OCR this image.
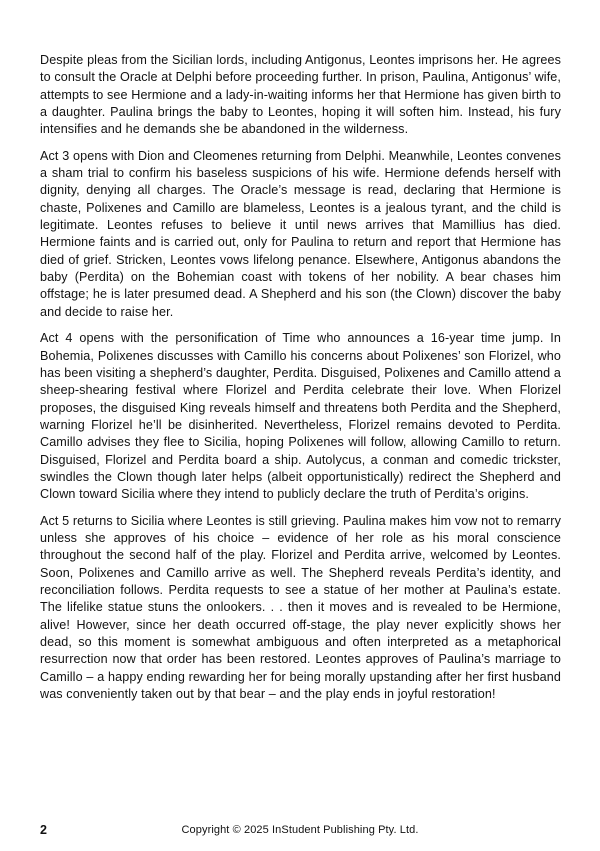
Despite pleas from the Sicilian lords, including Antigonus, Leontes imprisons her. He agrees to consult the Oracle at Delphi before proceeding further. In prison, Paulina, Antigonus’ wife, attempts to see Hermione and a lady-in-waiting informs her that Hermione has given birth to a daughter. Paulina brings the baby to Leontes, hoping it will soften him. Instead, his fury intensifies and he demands she be abandoned in the wilderness.

Act 3 opens with Dion and Cleomenes returning from Delphi. Meanwhile, Leontes convenes a sham trial to confirm his baseless suspicions of his wife. Hermione defends herself with dignity, denying all charges. The Oracle’s message is read, declaring that Hermione is chaste, Polixenes and Camillo are blameless, Leontes is a jealous tyrant, and the child is legitimate. Leontes refuses to believe it until news arrives that Mamillius has died. Hermione faints and is carried out, only for Paulina to return and report that Hermione has died of grief. Stricken, Leontes vows lifelong penance. Elsewhere, Antigonus abandons the baby (Perdita) on the Bohemian coast with tokens of her nobility. A bear chases him offstage; he is later presumed dead. A Shepherd and his son (the Clown) discover the baby and decide to raise her.

Act 4 opens with the personification of Time who announces a 16-year time jump. In Bohemia, Polixenes discusses with Camillo his concerns about Polixenes’ son Florizel, who has been visiting a shepherd’s daughter, Perdita. Disguised, Polixenes and Camillo attend a sheep-shearing festival where Florizel and Perdita celebrate their love. When Florizel proposes, the disguised King reveals himself and threatens both Perdita and the Shepherd, warning Florizel he’ll be disinherited. Nevertheless, Florizel remains devoted to Perdita. Camillo advises they flee to Sicilia, hoping Polixenes will follow, allowing Camillo to return. Disguised, Florizel and Perdita board a ship. Autolycus, a conman and comedic trickster, swindles the Clown though later helps (albeit opportunistically) redirect the Shepherd and Clown toward Sicilia where they intend to publicly declare the truth of Perdita’s origins.

Act 5 returns to Sicilia where Leontes is still grieving. Paulina makes him vow not to remarry unless she approves of his choice – evidence of her role as his moral conscience throughout the second half of the play. Florizel and Perdita arrive, welcomed by Leontes. Soon, Polixenes and Camillo arrive as well. The Shepherd reveals Perdita’s identity, and reconciliation follows. Perdita requests to see a statue of her mother at Paulina’s estate. The lifelike statue stuns the onlookers. . . then it moves and is revealed to be Hermione, alive! However, since her death occurred off-stage, the play never explicitly shows her dead, so this moment is somewhat ambiguous and often interpreted as a metaphorical resurrection now that order has been restored. Leontes approves of Paulina’s marriage to Camillo – a happy ending rewarding her for being morally upstanding after her first husband was conveniently taken out by that bear – and the play ends in joyful restoration!

2	Copyright © 2025 InStudent Publishing Pty. Ltd.
